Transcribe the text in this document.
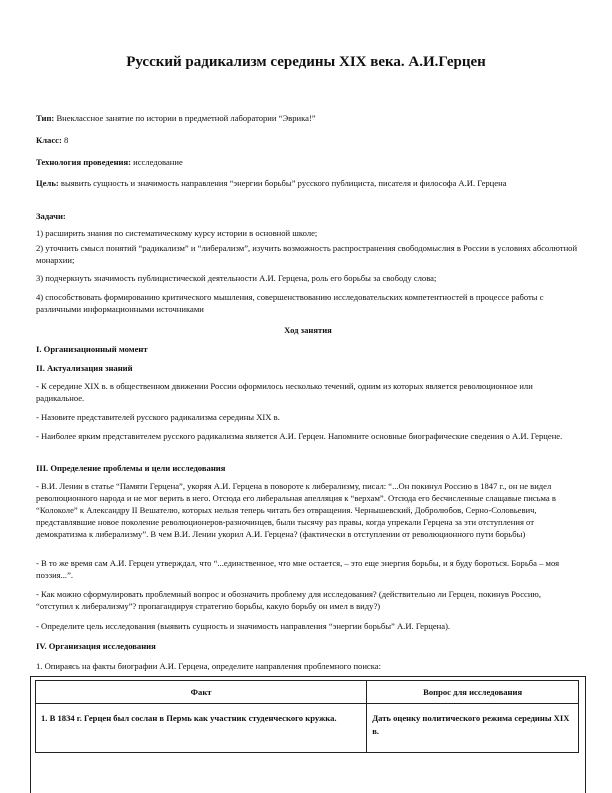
Русский радикализм середины XIX века. А.И.Герцен
Тип: Внеклассное занятие по истории в предметной лаборатории “Эврика!”
Класс: 8
Технология проведения: исследование
Цель: выявить сущность и значимость направления “энергии борьбы” русского публициста, писателя и философа А.И. Герцена
Задачи:
1) расширить знания по систематическому курсу истории в основной школе;
2) уточнить смысл понятий “радикализм” и “либерализм”, изучить возможность распространения свободомыслия в России в условиях абсолютной монархии;
3) подчеркнуть значимость публицистической деятельности А.И. Герцена, роль его борьбы за свободу слова;
4) способствовать формированию критического мышления, совершенствованию исследовательских компетентностей в процессе работы с различными информационными источниками
Ход занятия
I. Организационный момент
II. Актуализация знаний
- К середине XIX в. в общественном движении России оформилось несколько течений, одним из которых является революционное или радикальное.
- Назовите представителей русского радикализма середины XIX в.
- Наиболее ярким представителем русского радикализма является А.И. Герцен. Напомните основные биографические сведения о А.И. Герцене.
III. Определение проблемы и цели исследования
- В.И. Ленин в статье “Памяти Герцена”, укоряя А.И. Герцена в повороте к либерализму, писал: “...Он покинул Россию в 1847 г., он не видел революционного народа и не мог верить в него. Отсюда его либеральная апелляция к “верхам”. Отсюда его бесчисленные слащавые письма в “Колоколе” к Александру II Вешателю, которых нельзя теперь читать без отвращения. Чернышевский, Добролюбов, Серно-Соловьевич, представлявшие новое поколение революционеров-разночинцев, были тысячу раз правы, когда упрекали Герцена за эти отступления от демократизма к либерализму”. В чем В.И. Ленин укорил А.И. Герцена? (фактически в отступлении от революционного пути борьбы)
- В то же время сам А.И. Герцен утверждал, что “...единственное, что мне остается, – это еще энергия борьбы, и я буду бороться. Борьба – моя поэзия...”.
- Как можно сформулировать проблемный вопрос и обозначить проблему для исследования? (действительно ли Герцен, покинув Россию, “отступил к либерализму”? пропагандируя стратегию борьбы, какую борьбу он имел в виду?)
- Определите цель исследования (выявить сущность и значимость направления “энергии борьбы” А.И. Герцена).
IV. Организация исследования
1. Опираясь на факты биографии А.И. Герцена, определите направления проблемного поиска:
Факт	Вопрос для исследования
1. В 1834 г. Герцен был сослан в Пермь как участник студенческого кружка.	Дать оценку политического режима середины XIX в.
